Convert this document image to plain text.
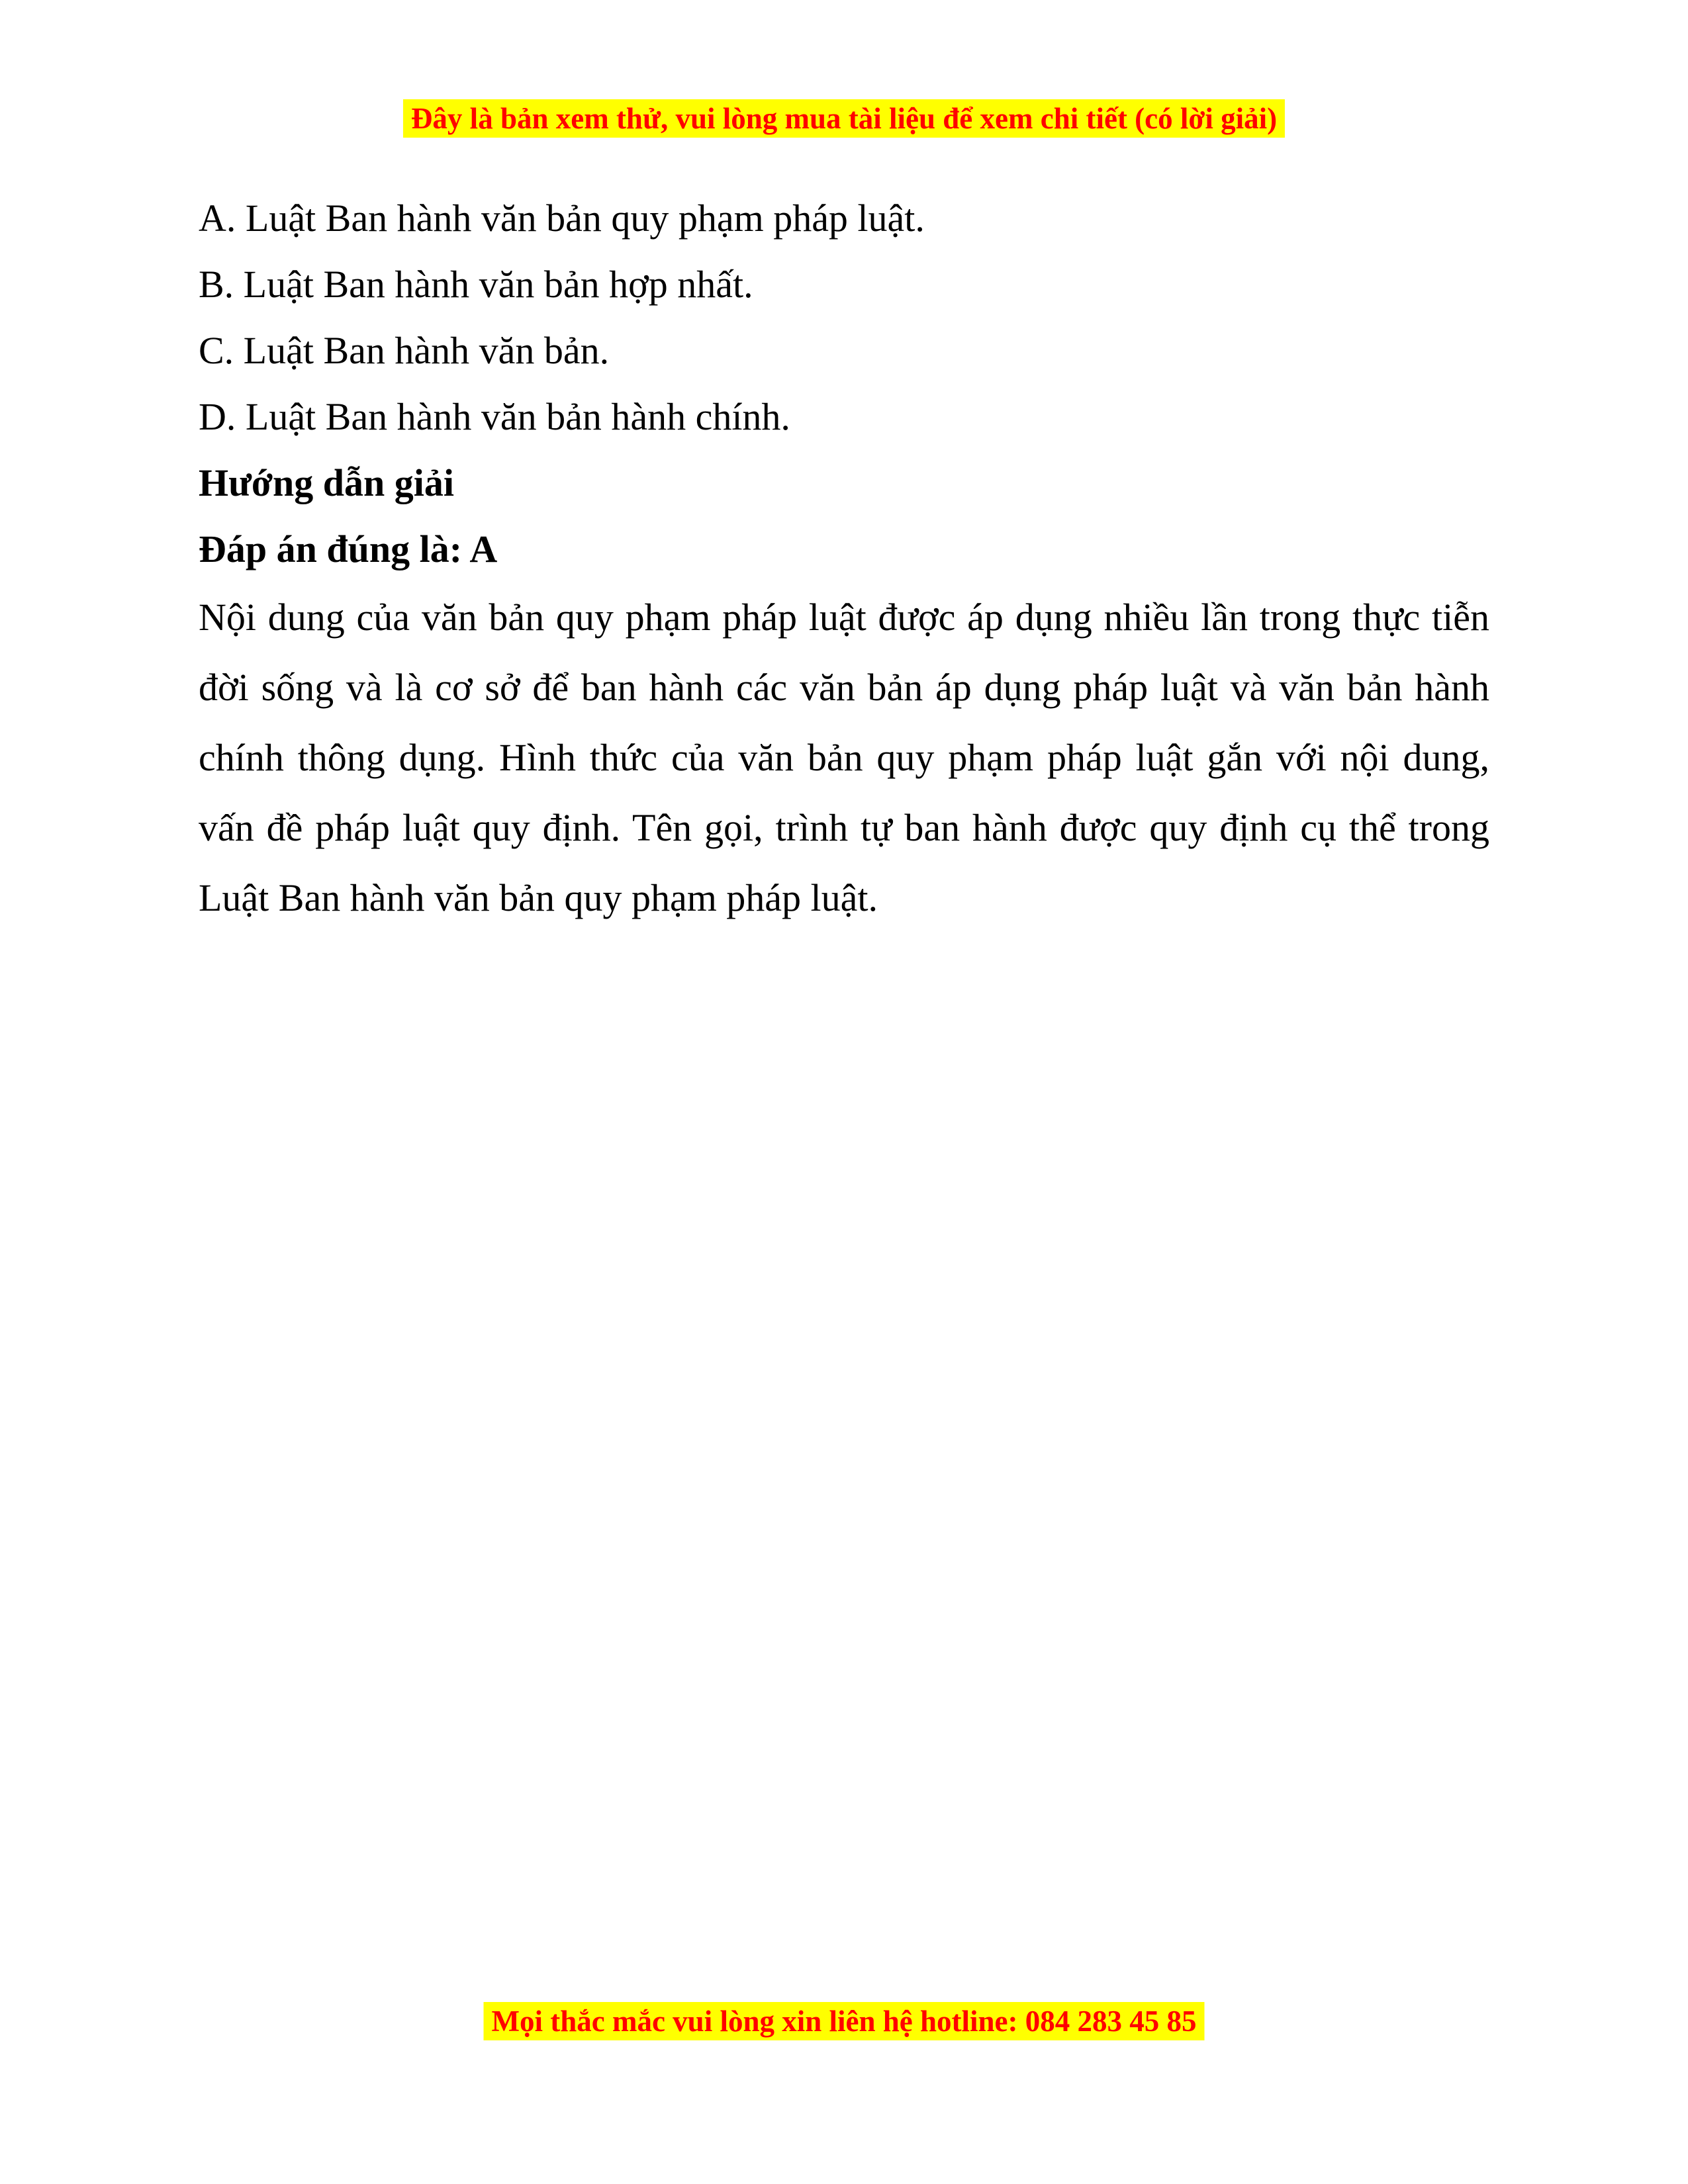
Đây là bản xem thử, vui lòng mua tài liệu để xem chi tiết (có lời giải)
A. Luật Ban hành văn bản quy phạm pháp luật.
B. Luật Ban hành văn bản hợp nhất.
C. Luật Ban hành văn bản.
D. Luật Ban hành văn bản hành chính.
Hướng dẫn giải
Đáp án đúng là: A
Nội dung của văn bản quy phạm pháp luật được áp dụng nhiều lần trong thực tiễn đời sống và là cơ sở để ban hành các văn bản áp dụng pháp luật và văn bản hành chính thông dụng. Hình thức của văn bản quy phạm pháp luật gắn với nội dung, vấn đề pháp luật quy định. Tên gọi, trình tự ban hành được quy định cụ thể trong Luật Ban hành văn bản quy phạm pháp luật.
Mọi thắc mắc vui lòng xin liên hệ hotline: 084 283 45 85
